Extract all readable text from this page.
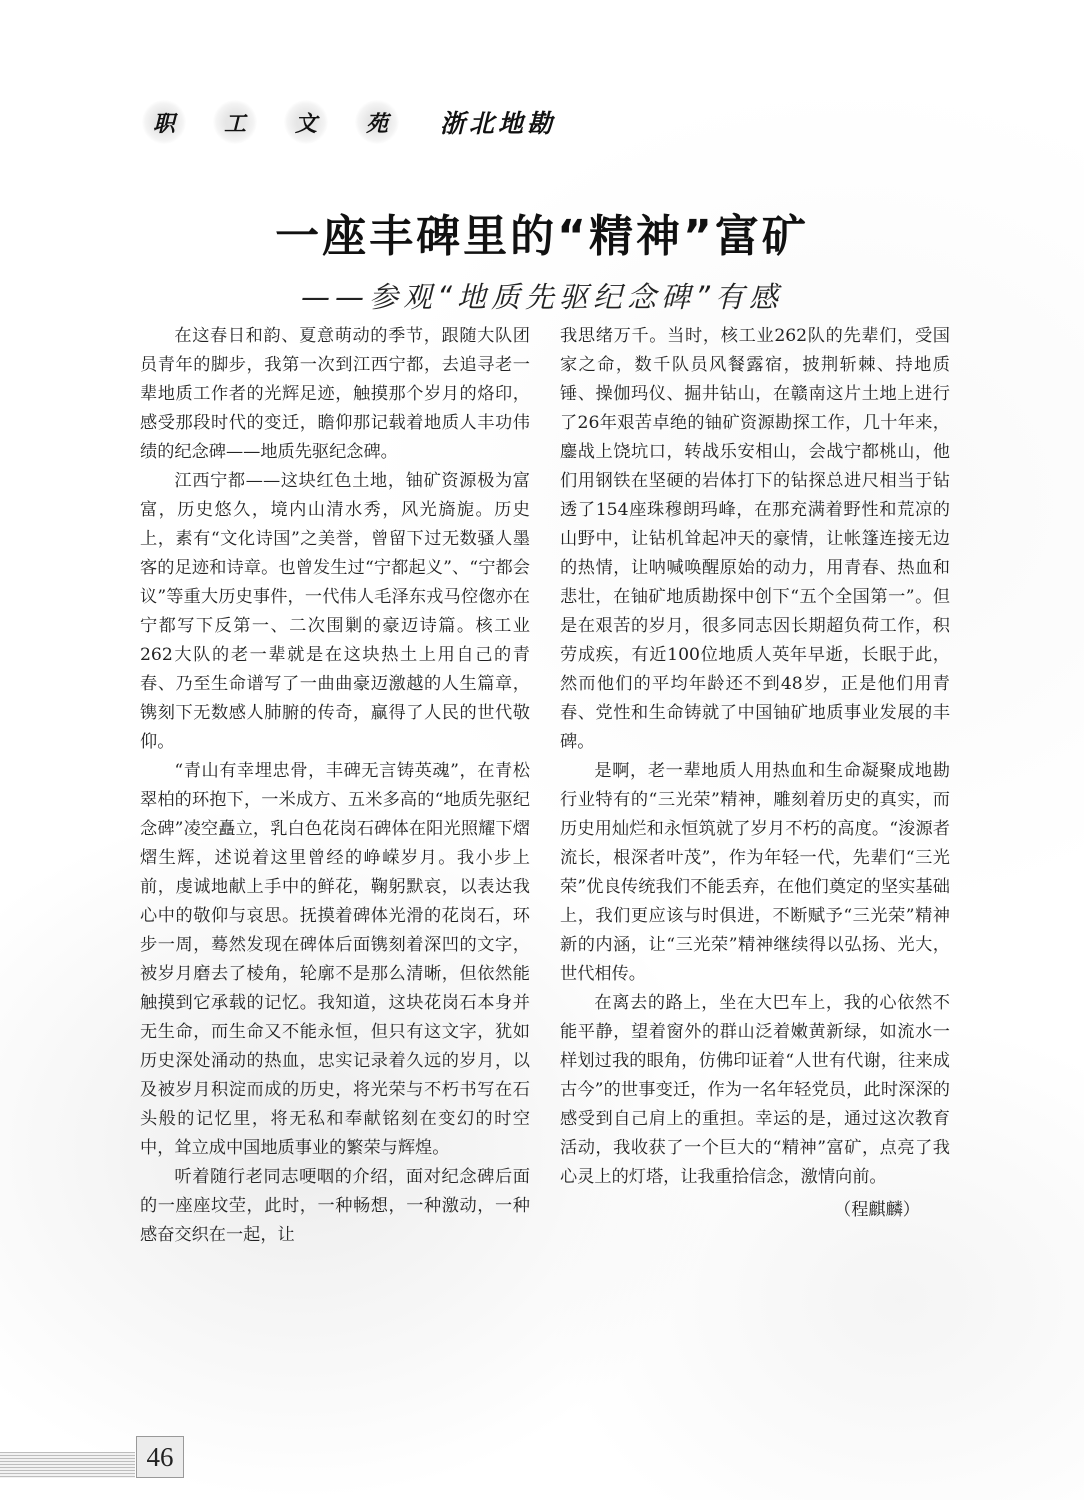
职	工	文	苑	浙北地勘
一座丰碑里的“精神”富矿
——参观“地质先驱纪念碑”有感

在这春日和韵、夏意萌动的季节，跟随大队团员青年的脚步，我第一次到江西宁都，去追寻老一辈地质工作者的光辉足迹，触摸那个岁月的烙印，感受那段时代的变迁，瞻仰那记载着地质人丰功伟绩的纪念碑——地质先驱纪念碑。

江西宁都——这块红色土地，铀矿资源极为富富，历史悠久，境内山清水秀，风光旖旎。历史上，素有“文化诗国”之美誉，曾留下过无数骚人墨客的足迹和诗章。也曾发生过“宁都起义”、“宁都会议”等重大历史事件，一代伟人毛泽东戎马倥偬亦在宁都写下反第一、二次围剿的豪迈诗篇。核工业262大队的老一辈就是在这块热土上用自己的青春、乃至生命谱写了一曲曲豪迈激越的人生篇章，镌刻下无数感人肺腑的传奇，赢得了人民的世代敬仰。

“青山有幸埋忠骨，丰碑无言铸英魂”，在青松翠柏的环抱下，一米成方、五米多高的“地质先驱纪念碑”凌空矗立，乳白色花岗石碑体在阳光照耀下熠熠生辉，述说着这里曾经的峥嵘岁月。我小步上前，虔诚地献上手中的鲜花，鞠躬默哀，以表达我心中的敬仰与哀思。抚摸着碑体光滑的花岗石，环步一周，蓦然发现在碑体后面镌刻着深凹的文字，被岁月磨去了棱角，轮廓不是那么清晰，但依然能触摸到它承载的记忆。我知道，这块花岗石本身并无生命，而生命又不能永恒，但只有这文字，犹如历史深处涌动的热血，忠实记录着久远的岁月，以及被岁月积淀而成的历史，将光荣与不朽书写在石头般的记忆里，将无私和奉献铭刻在变幻的时空中，耸立成中国地质事业的繁荣与辉煌。

听着随行老同志哽咽的介绍，面对纪念碑后面的一座座坟茔，此时，一种畅想，一种激动，一种感奋交织在一起，让

我思绪万千。当时，核工业262队的先辈们，受国家之命，数千队员风餐露宿，披荆斩棘、持地质锤、操伽玛仪、掘井钻山，在赣南这片土地上进行了26年艰苦卓绝的铀矿资源勘探工作，几十年来，鏖战上饶坑口，转战乐安相山，会战宁都桃山，他们用钢铁在坚硬的岩体打下的钻探总进尺相当于钻透了154座珠穆朗玛峰，在那充满着野性和荒凉的山野中，让钻机耸起冲天的豪情，让帐篷连接无边的热情，让呐喊唤醒原始的动力，用青春、热血和悲壮，在铀矿地质勘探中创下“五个全国第一”。但是在艰苦的岁月，很多同志因长期超负荷工作，积劳成疾，有近100位地质人英年早逝，长眠于此，然而他们的平均年龄还不到48岁，正是他们用青春、党性和生命铸就了中国铀矿地质事业发展的丰碑。

是啊，老一辈地质人用热血和生命凝聚成地勘行业特有的“三光荣”精神，雕刻着历史的真实，而历史用灿烂和永恒筑就了岁月不朽的高度。“浚源者流长，根深者叶茂”，作为年轻一代，先辈们“三光荣”优良传统我们不能丢弃，在他们奠定的坚实基础上，我们更应该与时俱进，不断赋予“三光荣”精神新的内涵，让“三光荣”精神继续得以弘扬、光大，世代相传。

在离去的路上，坐在大巴车上，我的心依然不能平静，望着窗外的群山泛着嫩黄新绿，如流水一样划过我的眼角，仿佛印证着“人世有代谢，往来成古今”的世事变迁，作为一名年轻党员，此时深深的感受到自己肩上的重担。幸运的是，通过这次教育活动，我收获了一个巨大的“精神”富矿，点亮了我心灵上的灯塔，让我重拾信念，激情向前。

（程麒麟）
46
